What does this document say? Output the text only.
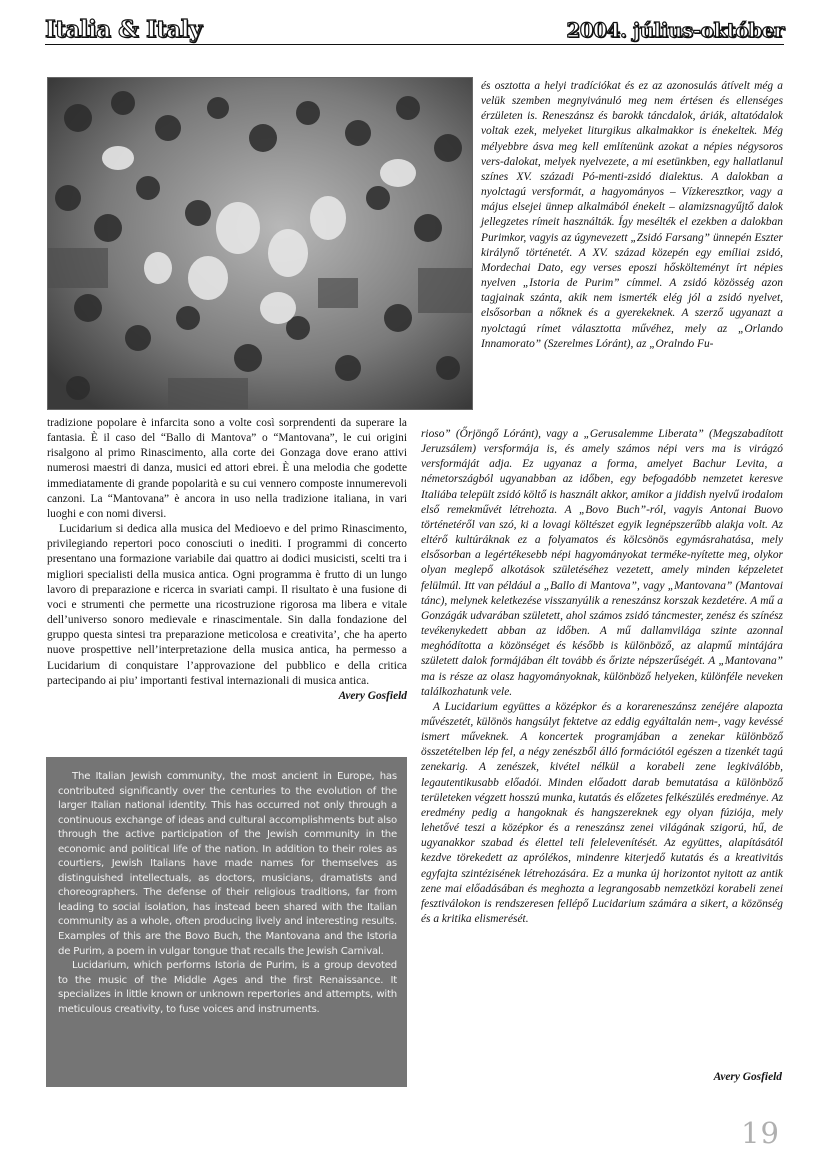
Italia & Italy	2004. július-október

tradizione popolare è infarcita sono a volte così sorprendenti da superare la fantasia. È il caso del “Ballo di Mantova” o “Mantovana”, le cui origini risalgono al primo Rinascimento, alla corte dei Gonzaga dove erano attivi numerosi maestri di danza, musici ed attori ebrei. È una melodia che godette immediatamente di grande popolarità e su cui vennero composte innumerevoli canzoni. La “Mantovana” è ancora in uso nella tradizione italiana, in vari luoghi e con nomi diversi.

Lucidarium si dedica alla musica del Medioevo e del primo Rinascimento, privilegiando repertori poco conosciuti o inediti. I programmi di concerto presentano una formazione variabile dai quattro ai dodici musicisti, scelti tra i migliori specialisti della musica antica. Ogni programma è frutto di un lungo lavoro di preparazione e ricerca in svariati campi. Il risultato è una fusione di voci e strumenti che permette una ricostruzione rigorosa ma libera e vitale dell’universo sonoro medievale e rinascimentale. Sin dalla fondazione del gruppo questa sintesi tra preparazione meticolosa e creativita’, che ha aperto nuove prospettive nell’interpretazione della musica antica, ha permesso a Lucidarium di conquistare l’approvazione del pubblico e della critica partecipando ai piu’ importanti festival internazionali di musica antica.

Avery Gosfield

The Italian Jewish community, the most ancient in Europe, has contributed significantly over the centuries to the evolution of the larger Italian national identity. This has occurred not only through a continuous exchange of ideas and cultural accomplishments but also through the active participation of the Jewish community in the economic and political life of the nation. In addition to their roles as courtiers, Jewish Italians have made names for themselves as distinguished intellectuals, as doctors, musicians, dramatists and choreographers. The defense of their religious traditions, far from leading to social isolation, has instead been shared with the Italian community as a whole, often producing lively and interesting results. Examples of this are the Bovo Buch, the Mantovana and the Istoria de Purim, a poem in vulgar tongue that recalls the Jewish Carnival.

Lucidarium, which performs Istoria de Purim, is a group devoted to the music of the Middle Ages and the first Renaissance. It specializes in little known or unknown repertories and attempts, with meticulous creativity, to fuse voices and instruments.

és osztotta a helyi tradíciókat és ez az azonosulás átívelt még a velük szemben megnyivánuló meg nem értésen és ellenséges érzületen is. Reneszánsz és barokk táncdalok, áriák, altatódalok voltak ezek, melyeket liturgikus alkalmakkor is énekeltek. Még mélyebbre ásva meg kell említenünk azokat a népies négysoros vers-dalokat, melyek nyelvezete, a mi esetünkben, egy hallatlanul színes XV. századi Pó-menti-zsidó dialektus. A dalokban a nyolctagú versformát, a hagyományos – Vízkeresztkor, vagy a május elsejei ünnep alkalmából énekelt – alamizsnagyűjtő dalok jellegzetes rímeit használták. Így mesélték el ezekben a dalokban Purimkor, vagyis az úgynevezett „Zsidó Farsang” ünnepén Eszter királynő történetét. A XV. század közepén egy emíliai zsidó, Mordechai Dato, egy verses eposzi hőskölteményt írt népies nyelven „Istoria de Purim” címmel. A zsidó közösség azon tagjainak szánta, akik nem ismerték elég jól a zsidó nyelvet, elsősorban a nőknek és a gyerekeknek. A szerző ugyanazt a nyolctagú rímet választotta művéhez, mely az „Orlando Innamorato” (Szerelmes Lóránt), az „Oralndo Fu-

rioso” (Őrjöngő Lóránt), vagy a „Gerusalemme Liberata” (Megszabadított Jeruzsálem) versformája is, és amely számos népi vers ma is virágzó versformáját adja. Ez ugyanaz a forma, amelyet Bachur Levita, a németországból ugyanabban az időben, egy befogadóbb nemzetet keresve Italiába települt zsidó költő is használt akkor, amikor a jiddish nyelvű irodalom első remekművét létrehozta. A „Bovo Buch”-ról, vagyis Antonai Buovo történetéről van szó, ki a lovagi költészet egyik legnépszerűbb alakja volt. Az eltérő kultúráknak ez a folyamatos és kölcsönös egymásrahatása, mely elsősorban a legértékesebb népi hagyományokat terméke-nyítette meg, olykor olyan meglepő alkotások születéséhez vezetett, amely minden képzeletet felülmúl. Itt van például a „Ballo di Mantova”, vagy „Mantovana” (Mantovai tánc), melynek keletkezése visszanyúlik a reneszánsz korszak kezdetére. A mű a Gonzágák udvarában született, ahol számos zsidó táncmester, zenész és színész tevékenykedett abban az időben. A mű dallamvilága szinte azonnal meghódította a közönséget és később is különböző, az alapmű mintájára született dalok formájában élt tovább és őrizte népszerűségét. A „Mantovana” ma is része az olasz hagyományoknak, különböző helyeken, különféle neveken találkozhatunk vele.

A Lucidarium együttes a középkor és a korareneszánsz zenéjére alapozta művészetét, különös hangsúlyt fektetve az eddig egyáltalán nem-, vagy kevéssé ismert műveknek. A koncertek programjában a zenekar különböző összetételben lép fel, a négy zenészből álló formációtól egészen a tizenkét tagú zenekarig. A zenészek, kivétel nélkül a korabeli zene legkiválóbb, legautentikusabb előadói. Minden előadott darab bemutatása a különböző területeken végzett hosszú munka, kutatás és előzetes felkészülés eredménye. Az eredmény pedig a hangoknak és hangszereknek egy olyan fúziója, mely lehetővé teszi a középkor és a reneszánsz zenei világának szigorú, hű, de ugyanakkor szabad és élettel teli felelevenítését. Az együttes, alapításától kezdve törekedett az aprólékos, mindenre kiterjedő kutatás és a kreativitás egyfajta szintézisének létrehozására. Ez a munka új horizontot nyitott az antik zene mai előadásában és meghozta a legrangosabb nemzetközi korabeli zenei fesztiválokon is rendszeresen fellépő Lucidarium számára a sikert, a közönség és a kritika elismerését.

Avery Gosfield
19
